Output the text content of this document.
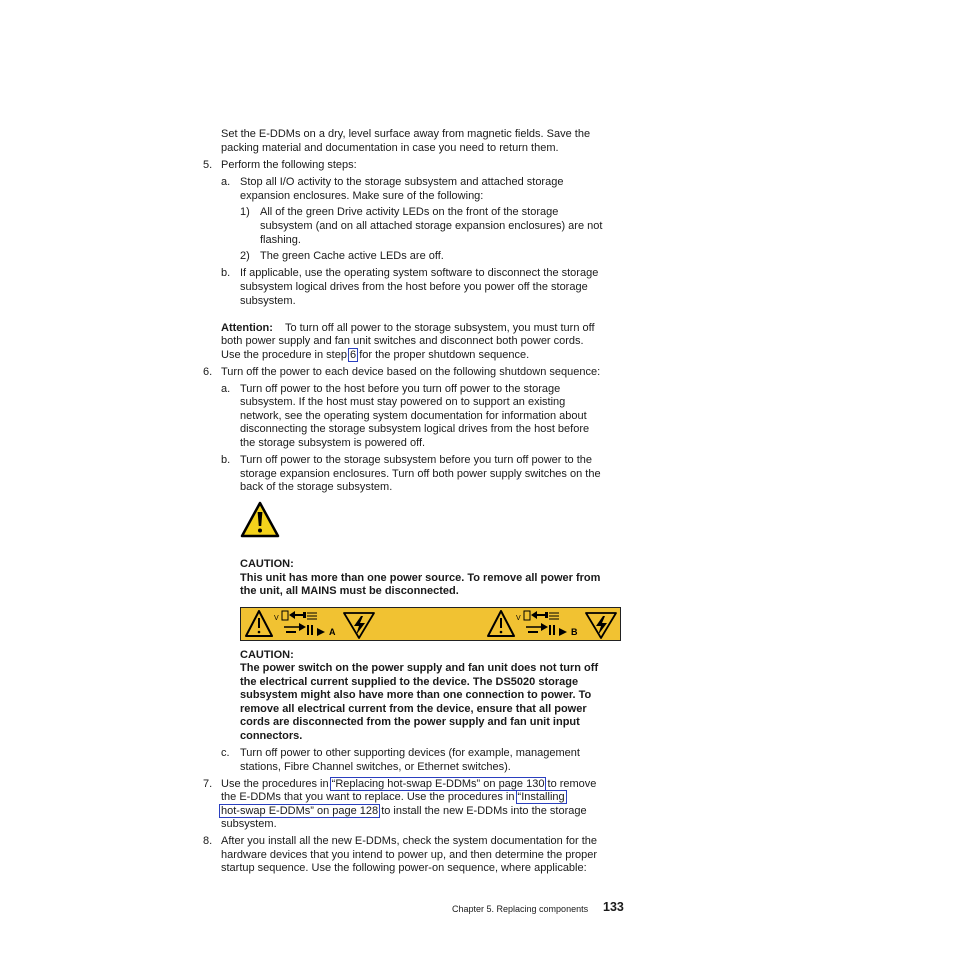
Set the E-DDMs on a dry, level surface away from magnetic fields. Save the
packing material and documentation in case you need to return them.
5. Perform the following steps:
a. Stop all I/O activity to the storage subsystem and attached storage
expansion enclosures. Make sure of the following:
1) All of the green Drive activity LEDs on the front of the storage
subsystem (and on all attached storage expansion enclosures) are not
flashing.
2) The green Cache active LEDs are off.
b. If applicable, use the operating system software to disconnect the storage
subsystem logical drives from the host before you power off the storage
subsystem.
Attention: To turn off all power to the storage subsystem, you must turn off
both power supply and fan unit switches and disconnect both power cords.
Use the procedure in step 6 for the proper shutdown sequence.
6. Turn off the power to each device based on the following shutdown sequence:
a. Turn off power to the host before you turn off power to the storage
subsystem. If the host must stay powered on to support an existing
network, see the operating system documentation for information about
disconnecting the storage subsystem logical drives from the host before
the storage subsystem is powered off.
b. Turn off power to the storage subsystem before you turn off power to the
storage expansion enclosures. Turn off both power supply switches on the
back of the storage subsystem.
CAUTION:
This unit has more than one power source. To remove all power from
the unit, all MAINS must be disconnected.
V
A
V
B
CAUTION:
The power switch on the power supply and fan unit does not turn off
the electrical current supplied to the device. The DS5020 storage
subsystem might also have more than one connection to power. To
remove all electrical current from the device, ensure that all power
cords are disconnected from the power supply and fan unit input
connectors.
c. Turn off power to other supporting devices (for example, management
stations, Fibre Channel switches, or Ethernet switches).
7. Use the procedures in “Replacing hot-swap E-DDMs” on page 130 to remove
the E-DDMs that you want to replace. Use the procedures in “Installing
hot-swap E-DDMs” on page 128 to install the new E-DDMs into the storage
subsystem.
8. After you install all the new E-DDMs, check the system documentation for the
hardware devices that you intend to power up, and then determine the proper
startup sequence. Use the following power-on sequence, where applicable:
Chapter 5. Replacing components 133
